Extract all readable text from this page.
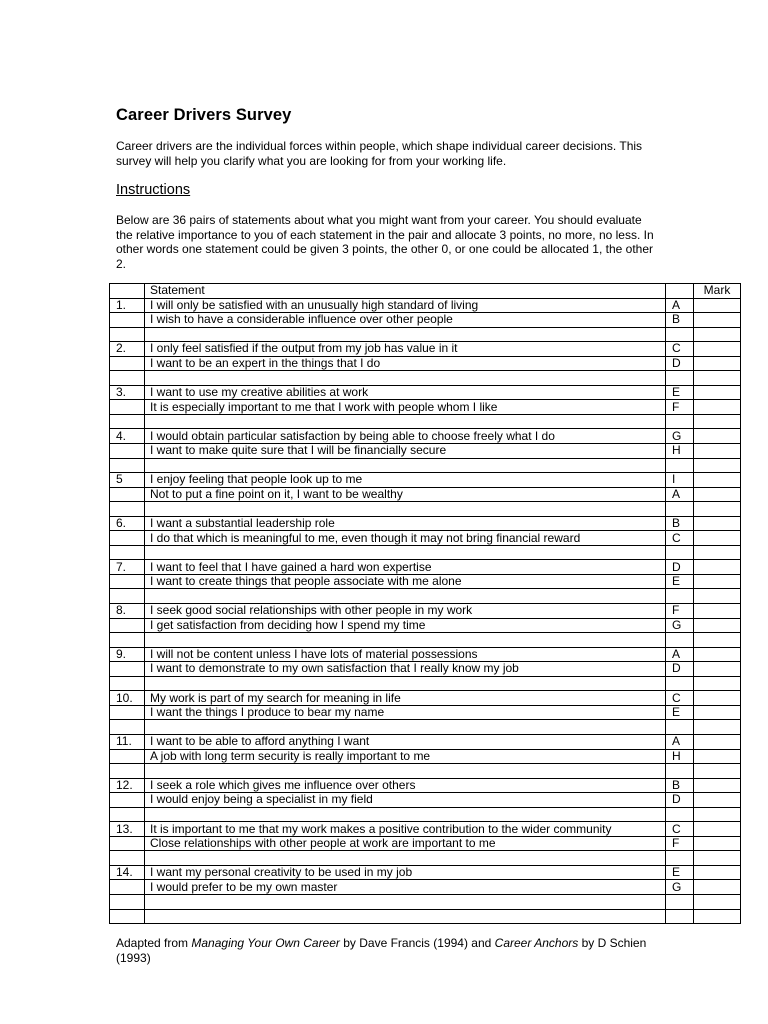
Career Drivers Survey

Career drivers are the individual forces within people, which shape individual career decisions. This survey will help you clarify what you are looking for from your working life.

Instructions

Below are 36 pairs of statements about what you might want from your career. You should evaluate the relative importance to you of each statement in the pair and allocate 3 points, no more, no less. In other words one statement could be given 3 points, the other 0, or one could be allocated 1, the other 2.

	Statement		Mark
1.	I will only be satisfied with an unusually high standard of living	A	
	I wish to have a considerable influence over other people	B	

2.	I only feel satisfied if the output from my job has value in it	C	
	I want to be an expert in the things that I do	D	

3.	I want to use my creative abilities at work	E	
	It is especially important to me that I work with people whom I like	F	

4.	I would obtain particular satisfaction by being able to choose freely what I do	G	
	I want to make quite sure that I will be financially secure	H	

5	I enjoy feeling that people look up to me	I	
	Not to put a fine point on it, I want to be wealthy	A	

6.	I want a substantial leadership role	B	
	I do that which is meaningful to me, even though it may not bring financial reward	C	

7.	I want to feel that I have gained a hard won expertise	D	
	I want to create things that people associate with me alone	E	

8.	I seek good social relationships with other people in my work	F	
	I get satisfaction from deciding how I spend my time	G	

9.	I will not be content unless I have lots of material possessions	A	
	I want to demonstrate to my own satisfaction that I really know my job	D	

10.	My work is part of my search for meaning in life	C	
	I want the things I produce to bear my name	E	

11.	I want to be able to afford anything I want	A	
	A job with long term security is really important to me	H	

12.	I seek a role which gives me influence over others	B	
	I would enjoy being a specialist in my field	D	

13.	It is important to me that my work makes a positive contribution to the wider community	C	
	Close relationships with other people at work are important to me	F	

14.	I want my personal creativity to be used in my job	E	
	I would prefer to be my own master	G	

Adapted from Managing Your Own Career by Dave Francis (1994) and Career Anchors by D Schien (1993)
